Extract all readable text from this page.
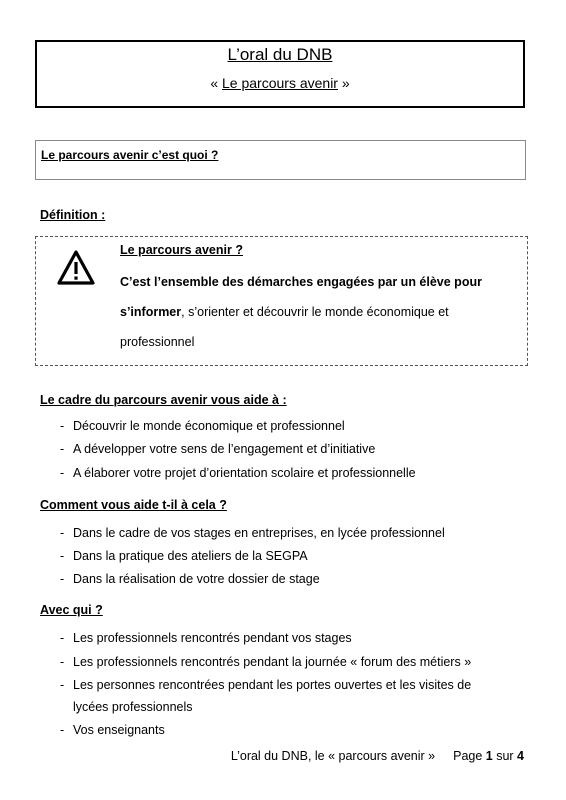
L’oral du DNB
« Le parcours avenir »
Le parcours avenir c’est quoi ?
Définition :
Le parcours avenir ?
C’est l’ensemble des démarches engagées par un élève pour
s’informer, s’orienter et découvrir le monde économique et
professionnel
Le cadre du parcours avenir vous aide à :
- Découvrir le monde économique et professionnel
- A développer votre sens de l’engagement et d’initiative
- A élaborer votre projet d’orientation scolaire et professionnelle
Comment vous aide t-il à cela ?
- Dans le cadre de vos stages en entreprises, en lycée professionnel
- Dans la pratique des ateliers de la SEGPA
- Dans la réalisation de votre dossier de stage
Avec qui ?
- Les professionnels rencontrés pendant vos stages
- Les professionnels rencontrés pendant la journée « forum des métiers »
- Les personnes rencontrées pendant les portes ouvertes et les visites de
lycées professionnels
- Vos enseignants
L’oral du DNB, le « parcours avenir » Page 1 sur 4
